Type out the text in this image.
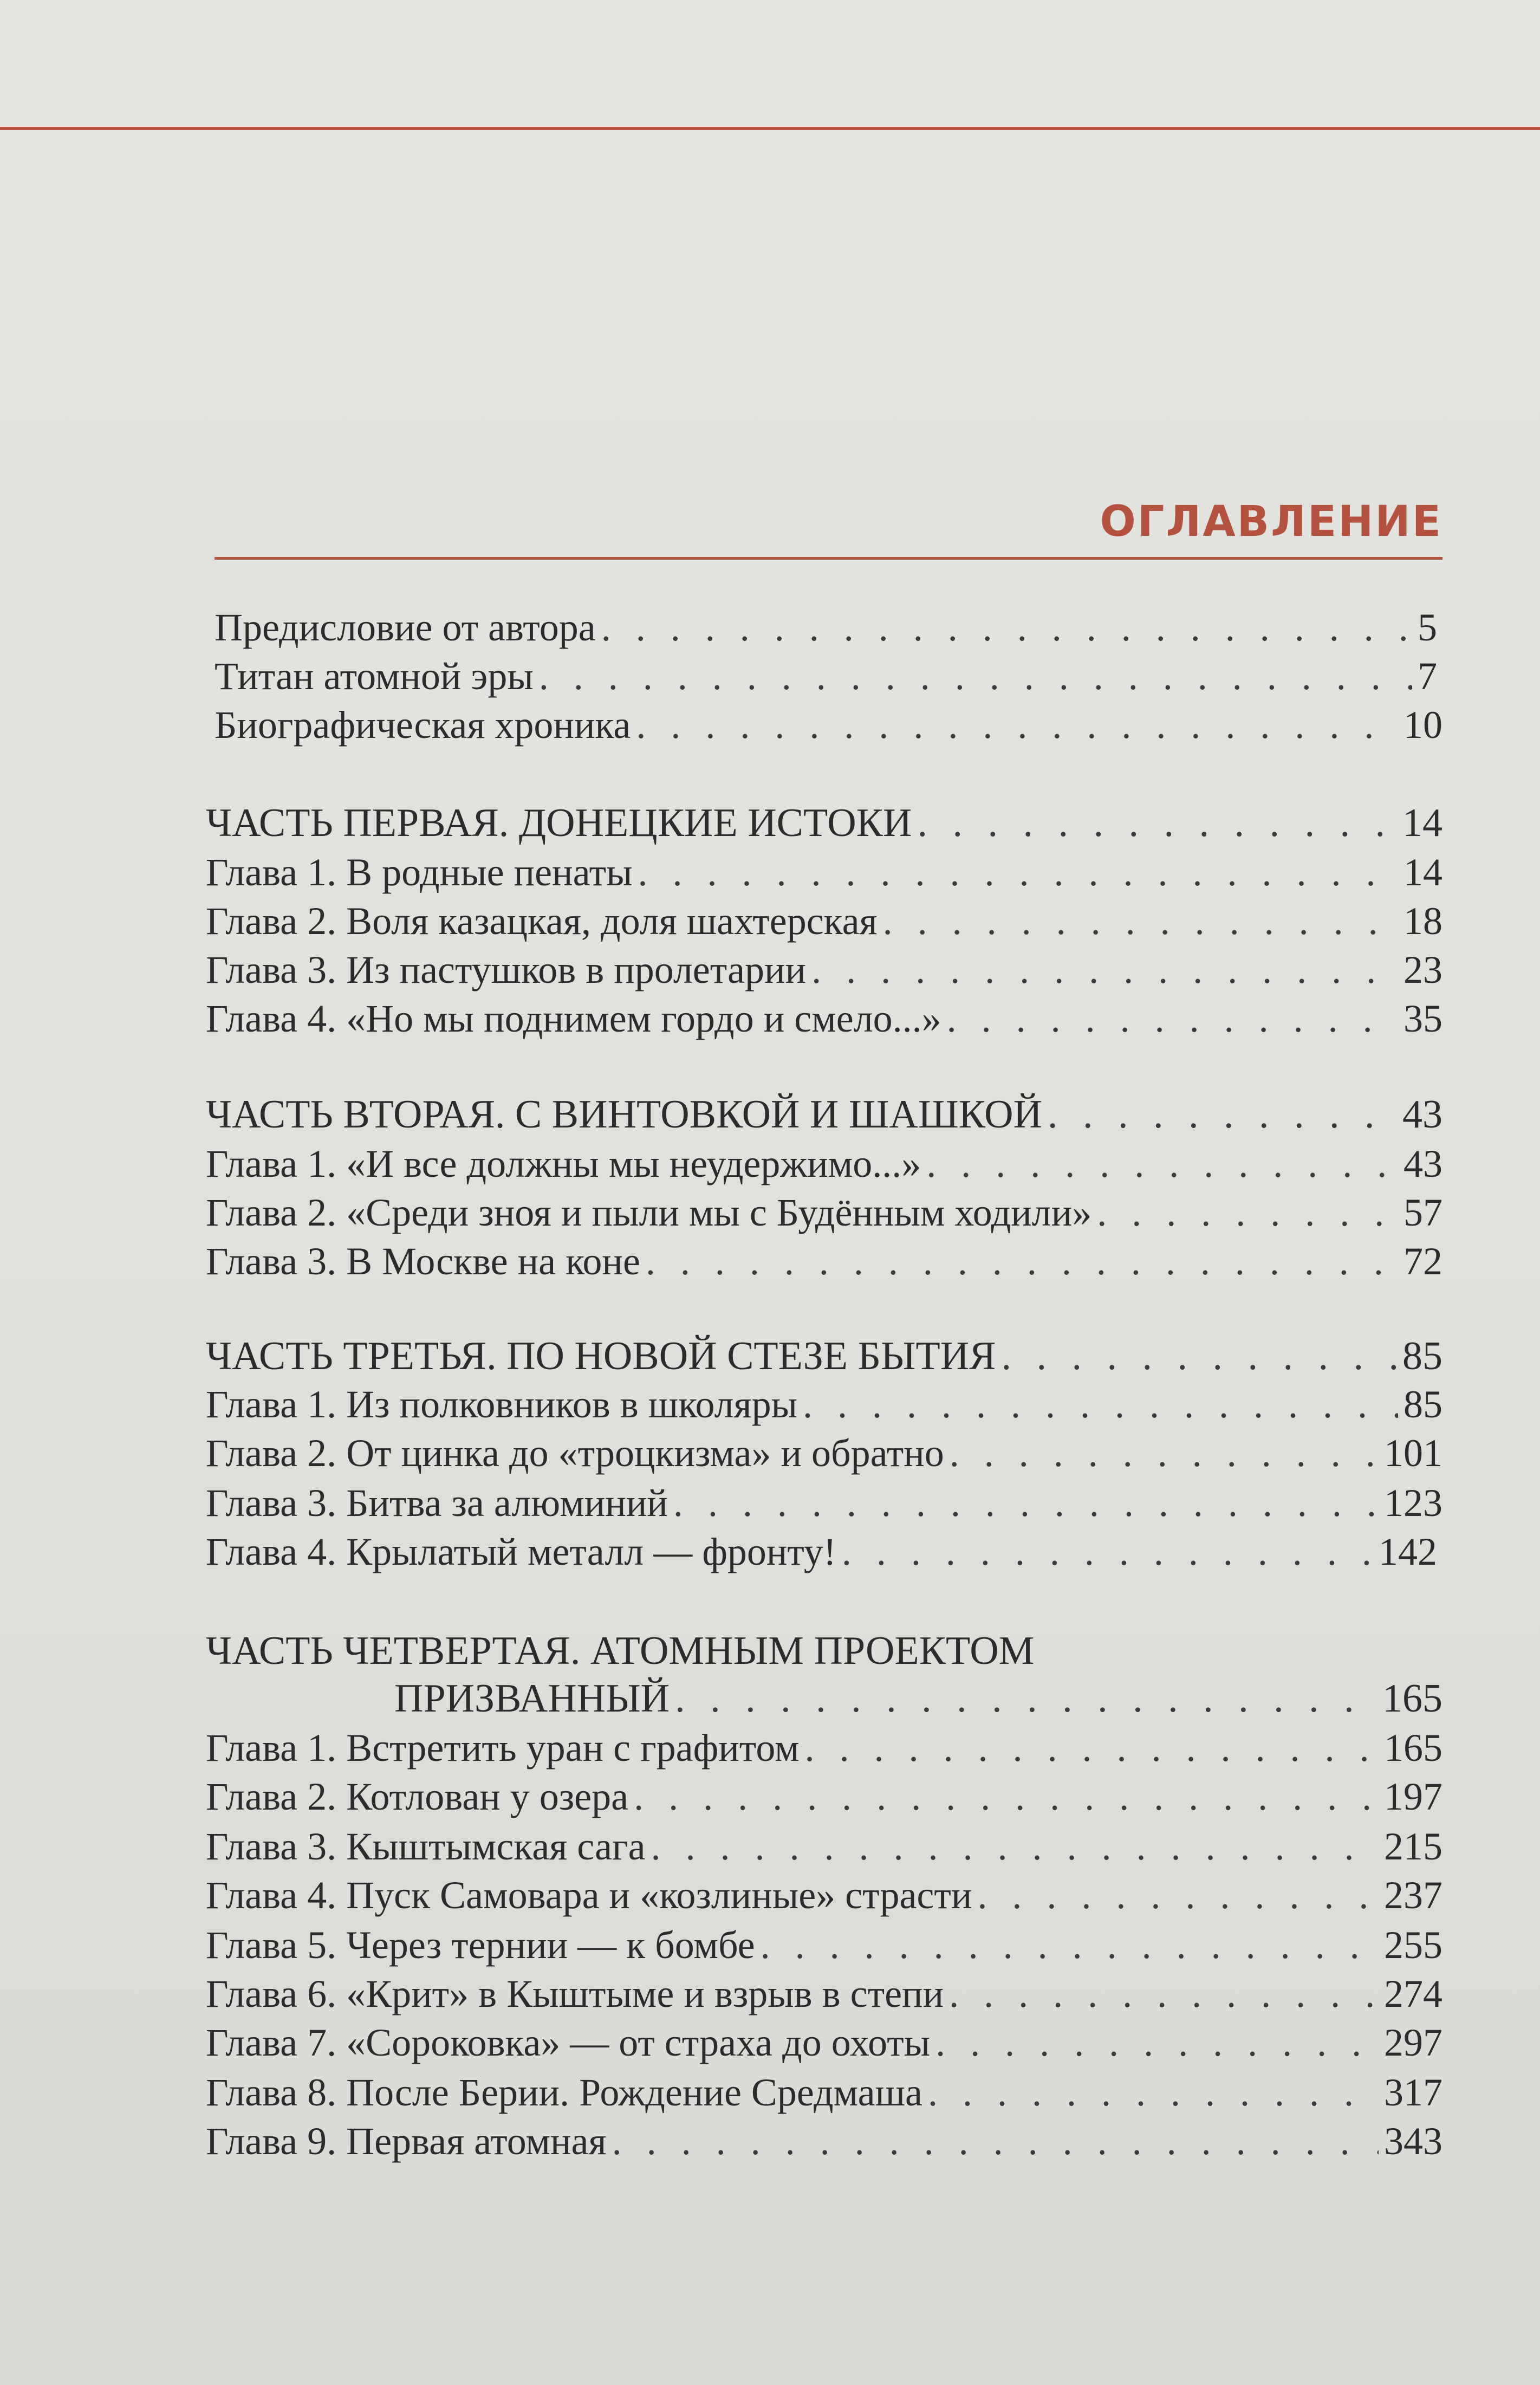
ОГЛАВЛЕНИЕ
Предисловие от автора . . .	5
Титан атомной эры . . .	7
Биографическая хроника . . .	10
ЧАСТЬ ПЕРВАЯ. ДОНЕЦКИЕ ИСТОКИ . . .	14
Глава 1. В родные пенаты . . .	14
Глава 2. Воля казацкая, доля шахтерская . . .	18
Глава 3. Из пастушков в пролетарии . . .	23
Глава 4. «Но мы поднимем гордо и смело...» . . .	35
ЧАСТЬ ВТОРАЯ. С ВИНТОВКОЙ И ШАШКОЙ . . .	43
Глава 1. «И все должны мы неудержимо...» . . .	43
Глава 2. «Среди зноя и пыли мы с Будённым ходили» . . .	57
Глава 3. В Москве на коне . . .	72
ЧАСТЬ ТРЕТЬЯ. ПО НОВОЙ СТЕЗЕ БЫТИЯ . . .	85
Глава 1. Из полковников в школяры . . .	85
Глава 2. От цинка до «троцкизма» и обратно . . .	101
Глава 3. Битва за алюминий . . .	123
Глава 4. Крылатый металл — фронту! . . .	142
ЧАСТЬ ЧЕТВЕРТАЯ. АТОМНЫМ ПРОЕКТОМ
ПРИЗВАННЫЙ . . .	165
Глава 1. Встретить уран с графитом . . .	165
Глава 2. Котлован у озера . . .	197
Глава 3. Кыштымская сага . . .	215
Глава 4. Пуск Самовара и «козлиные» страсти . . .	237
Глава 5. Через тернии — к бомбе . . .	255
Глава 6. «Крит» в Кыштыме и взрыв в степи . . .	274
Глава 7. «Сороковка» — от страха до охоты . . .	297
Глава 8. После Берии. Рождение Средмаша . . .	317
Глава 9. Первая атомная . . .	343
